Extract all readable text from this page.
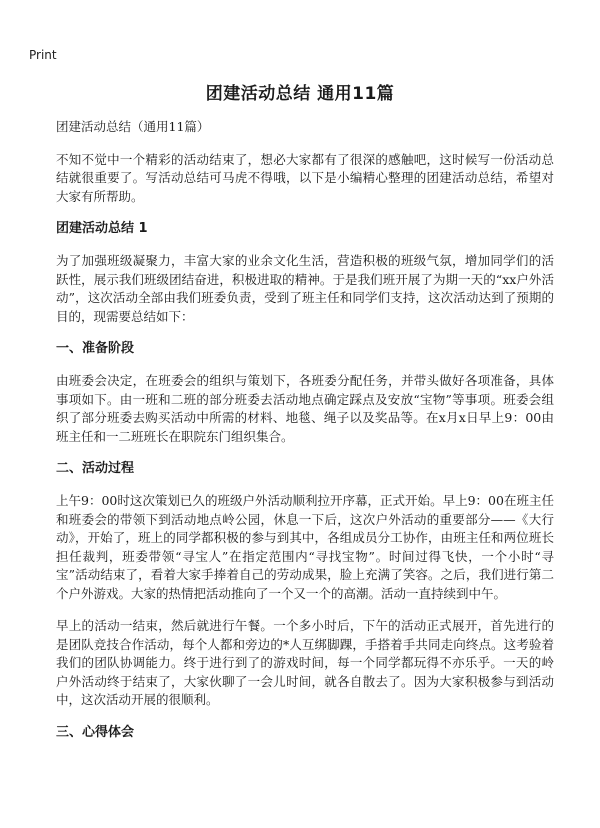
Print
团建活动总结 通用11篇

团建活动总结（通用11篇）

不知不觉中一个精彩的活动结束了，想必大家都有了很深的感触吧，这时候写一份活动总结就很重要了。写活动总结可马虎不得哦，以下是小编精心整理的团建活动总结，希望对大家有所帮助。

团建活动总结 1

为了加强班级凝聚力，丰富大家的业余文化生活，营造积极的班级气氛，增加同学们的活跃性，展示我们班级团结奋进，积极进取的精神。于是我们班开展了为期一天的“xx户外活动”，这次活动全部由我们班委负责，受到了班主任和同学们支持，这次活动达到了预期的目的，现需要总结如下：

一、准备阶段

由班委会决定，在班委会的组织与策划下，各班委分配任务，并带头做好各项准备，具体事项如下。由一班和二班的部分班委去活动地点确定踩点及安放“宝物”等事项。班委会组织了部分班委去购买活动中所需的材料、地毯、绳子以及奖品等。在x月x日早上9：00由班主任和一二班班长在职院东门组织集合。

二、活动过程

上午9：00时这次策划已久的班级户外活动顺利拉开序幕，正式开始。早上9：00在班主任和班委会的带领下到活动地点岭公园，休息一下后，这次户外活动的重要部分——《大行动》，开始了，班上的同学都积极的参与到其中，各组成员分工协作，由班主任和两位班长担任裁判，班委带领“寻宝人”在指定范围内“寻找宝物”。时间过得飞快，一个小时“寻宝”活动结束了，看着大家手捧着自己的劳动成果，脸上充满了笑容。之后，我们进行第二个户外游戏。大家的热情把活动推向了一个又一个的高潮。活动一直持续到中午。

早上的活动一结束，然后就进行午餐。一个多小时后，下午的活动正式展开，首先进行的是团队竞技合作活动，每个人都和旁边的*人互绑脚踝，手搭着手共同走向终点。这考验着我们的团队协调能力。终于进行到了的游戏时间，每一个同学都玩得不亦乐乎。一天的岭户外活动终于结束了，大家伙聊了一会儿时间，就各自散去了。因为大家积极参与到活动中，这次活动开展的很顺利。

三、心得体会
